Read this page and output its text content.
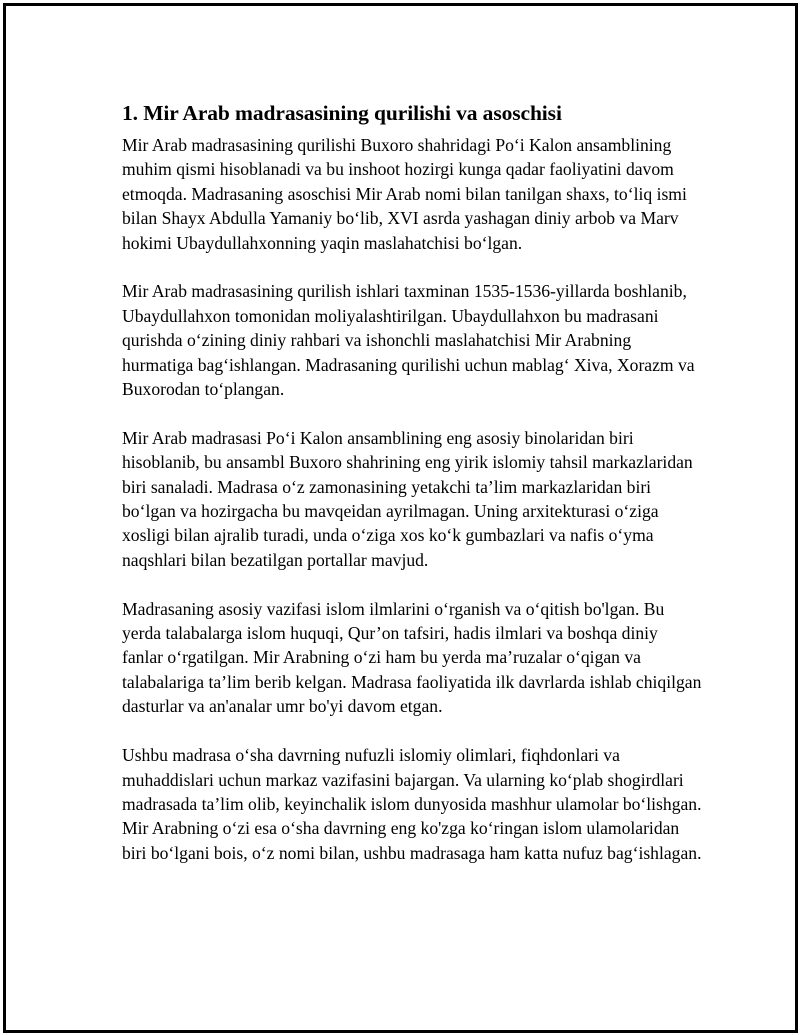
1. Mir Arab madrasasining qurilishi va asoschisi

Mir Arab madrasasining qurilishi Buxoro shahridagi Po‘i Kalon ansamblining muhim qismi hisoblanadi va bu inshoot hozirgi kunga qadar faoliyatini davom etmoqda. Madrasaning asoschisi Mir Arab nomi bilan tanilgan shaxs, to‘liq ismi bilan Shayx Abdulla Yamaniy bo‘lib, XVI asrda yashagan diniy arbob va Marv hokimi Ubaydullahxonning yaqin maslahatchisi bo‘lgan.

Mir Arab madrasasining qurilish ishlari taxminan 1535-1536-yillarda boshlanib, Ubaydullahxon tomonidan moliyalashtirilgan. Ubaydullahxon bu madrasani qurishda o‘zining diniy rahbari va ishonchli maslahatchisi Mir Arabning hurmatiga bag‘ishlangan. Madrasaning qurilishi uchun mablag‘ Xiva, Xorazm va Buxorodan to‘plangan.

Mir Arab madrasasi Po‘i Kalon ansamblining eng asosiy binolaridan biri hisoblanib, bu ansambl Buxoro shahrining eng yirik islomiy tahsil markazlaridan biri sanaladi. Madrasa o‘z zamonasining yetakchi ta’lim markazlaridan biri bo‘lgan va hozirgacha bu mavqeidan ayrilmagan. Uning arxitekturasi o‘ziga xosligi bilan ajralib turadi, unda o‘ziga xos ko‘k gumbazlari va nafis o‘yma naqshlari bilan bezatilgan portallar mavjud.

Madrasaning asosiy vazifasi islom ilmlarini o‘rganish va o‘qitish bo'lgan. Bu yerda talabalarga islom huquqi, Qur’on tafsiri, hadis ilmlari va boshqa diniy fanlar o‘rgatilgan. Mir Arabning o‘zi ham bu yerda ma’ruzalar o‘qigan va talabalariga ta’lim berib kelgan. Madrasa faoliyatida ilk davrlarda ishlab chiqilgan dasturlar va an'analar umr bo'yi davom etgan.

Ushbu madrasa o‘sha davrning nufuzli islomiy olimlari, fiqhdonlari va muhaddislari uchun markaz vazifasini bajargan. Va ularning ko‘plab shogirdlari madrasada ta’lim olib, keyinchalik islom dunyosida mashhur ulamolar bo‘lishgan. Mir Arabning o‘zi esa o‘sha davrning eng ko'zga ko‘ringan islom ulamolaridan biri bo‘lgani bois, o‘z nomi bilan, ushbu madrasaga ham katta nufuz bag‘ishlagan.
